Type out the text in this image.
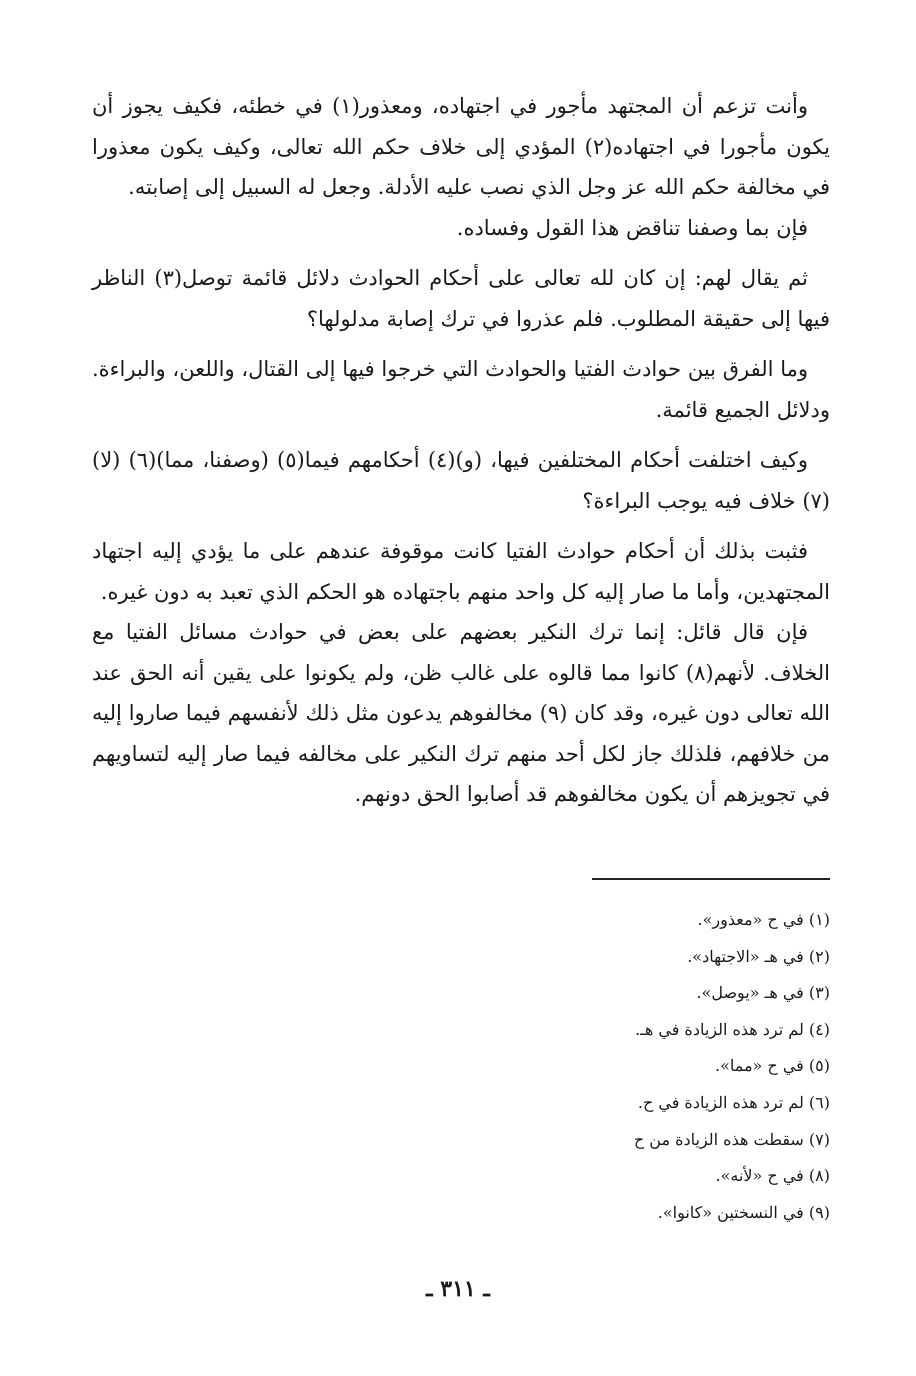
وأنت تزعم أن المجتهد مأجور في اجتهاده، ومعذور(١) في خطئه، فكيف يجوز أن يكون مأجورا في اجتهاده(٢) المؤدي إلى خلاف حكم الله تعالى، وكيف يكون معذورا في مخالفة حكم الله عز وجل الذي نصب عليه الأدلة. وجعل له السبيل إلى إصابته.

فإن بما وصفنا تناقض هذا القول وفساده.

ثم يقال لهم: إن كان لله تعالى على أحكام الحوادث دلائل قائمة توصل(٣) الناظر فيها إلى حقيقة المطلوب. فلم عذروا في ترك إصابة مدلولها؟

وما الفرق بين حوادث الفتيا والحوادث التي خرجوا فيها إلى القتال، واللعن، والبراءة. ودلائل الجميع قائمة.

وكيف اختلفت أحكام المختلفين فيها، (و)(٤) أحكامهم فيما(٥) (وصفنا، مما)(٦) (لا)(٧) خلاف فيه يوجب البراءة؟

فثبت بذلك أن أحكام حوادث الفتيا كانت موقوفة عندهم على ما يؤدي إليه اجتهاد المجتهدين، وأما ما صار إليه كل واحد منهم باجتهاده هو الحكم الذي تعبد به دون غيره.

فإن قال قائل: إنما ترك النكير بعضهم على بعض في حوادث مسائل الفتيا مع الخلاف. لأنهم(٨) كانوا مما قالوه على غالب ظن، ولم يكونوا على يقين أنه الحق عند الله تعالى دون غيره، وقد كان (٩) مخالفوهم يدعون مثل ذلك لأنفسهم فيما صاروا إليه من خلافهم، فلذلك جاز لكل أحد منهم ترك النكير على مخالفه فيما صار إليه لتساويهم في تجويزهم أن يكون مخالفوهم قد أصابوا الحق دونهم.

(١) في ح «معذور».
(٢) في هـ «الاجتهاد».
(٣) في هـ «يوصل».
(٤) لم ترد هذه الزيادة في هـ.
(٥) في ح «مما».
(٦) لم ترد هذه الزيادة في ح.
(٧) سقطت هذه الزيادة من ح
(٨) في ح «لأنه».
(٩) في النسختين «كانوا».
ـ ٣١١ ـ
